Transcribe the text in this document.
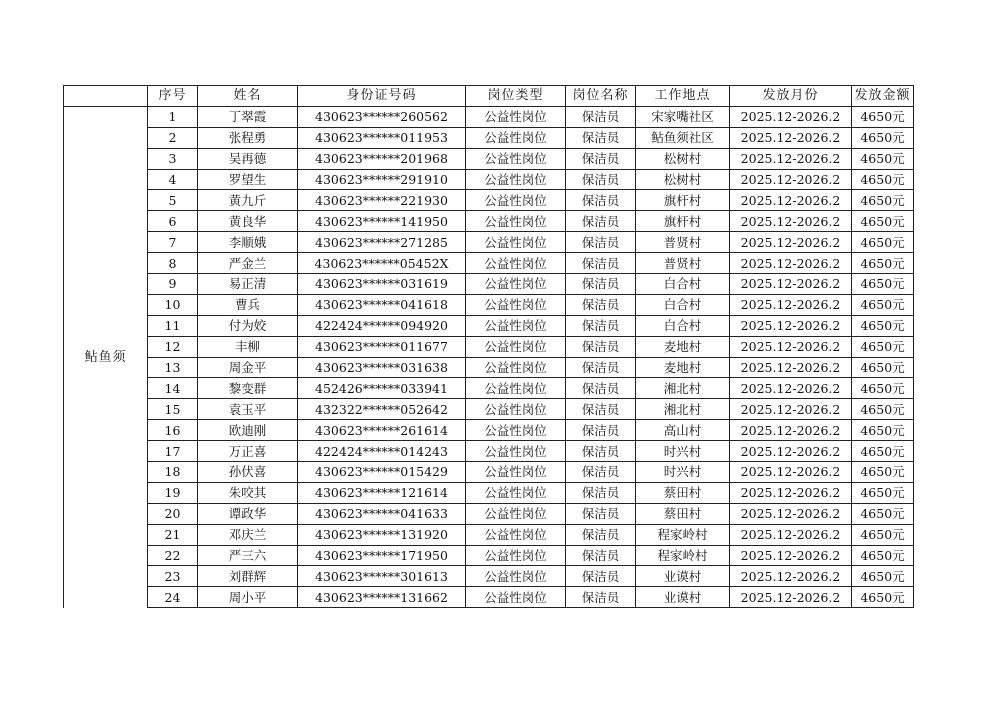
	序号	姓名	身份证号码	岗位类型	岗位名称	工作地点	发放月份	发放金额
鲇鱼须	1	丁翠霞	430623******260562	公益性岗位	保洁员	宋家嘴社区	2025.12-2026.2	4650元
	2	张程勇	430623******011953	公益性岗位	保洁员	鲇鱼须社区	2025.12-2026.2	4650元
	3	吴再德	430623******201968	公益性岗位	保洁员	松树村	2025.12-2026.2	4650元
	4	罗望生	430623******291910	公益性岗位	保洁员	松树村	2025.12-2026.2	4650元
	5	黄九斤	430623******221930	公益性岗位	保洁员	旗杆村	2025.12-2026.2	4650元
	6	黄良华	430623******141950	公益性岗位	保洁员	旗杆村	2025.12-2026.2	4650元
	7	李顺娥	430623******271285	公益性岗位	保洁员	普贤村	2025.12-2026.2	4650元
	8	严金兰	430623******05452X	公益性岗位	保洁员	普贤村	2025.12-2026.2	4650元
	9	易正清	430623******031619	公益性岗位	保洁员	白合村	2025.12-2026.2	4650元
	10	曹兵	430623******041618	公益性岗位	保洁员	白合村	2025.12-2026.2	4650元
	11	付为姣	422424******094920	公益性岗位	保洁员	白合村	2025.12-2026.2	4650元
	12	丰柳	430623******011677	公益性岗位	保洁员	麦地村	2025.12-2026.2	4650元
	13	周金平	430623******031638	公益性岗位	保洁员	麦地村	2025.12-2026.2	4650元
	14	黎变群	452426******033941	公益性岗位	保洁员	湘北村	2025.12-2026.2	4650元
	15	袁玉平	432322******052642	公益性岗位	保洁员	湘北村	2025.12-2026.2	4650元
	16	欧迪刚	430623******261614	公益性岗位	保洁员	高山村	2025.12-2026.2	4650元
	17	万正喜	422424******014243	公益性岗位	保洁员	时兴村	2025.12-2026.2	4650元
	18	孙伏喜	430623******015429	公益性岗位	保洁员	时兴村	2025.12-2026.2	4650元
	19	朱咬其	430623******121614	公益性岗位	保洁员	蔡田村	2025.12-2026.2	4650元
	20	谭政华	430623******041633	公益性岗位	保洁员	蔡田村	2025.12-2026.2	4650元
	21	邓庆兰	430623******131920	公益性岗位	保洁员	程家岭村	2025.12-2026.2	4650元
	22	严三六	430623******171950	公益性岗位	保洁员	程家岭村	2025.12-2026.2	4650元
	23	刘群辉	430623******301613	公益性岗位	保洁员	业谟村	2025.12-2026.2	4650元
	24	周小平	430623******131662	公益性岗位	保洁员	业谟村	2025.12-2026.2	4650元
